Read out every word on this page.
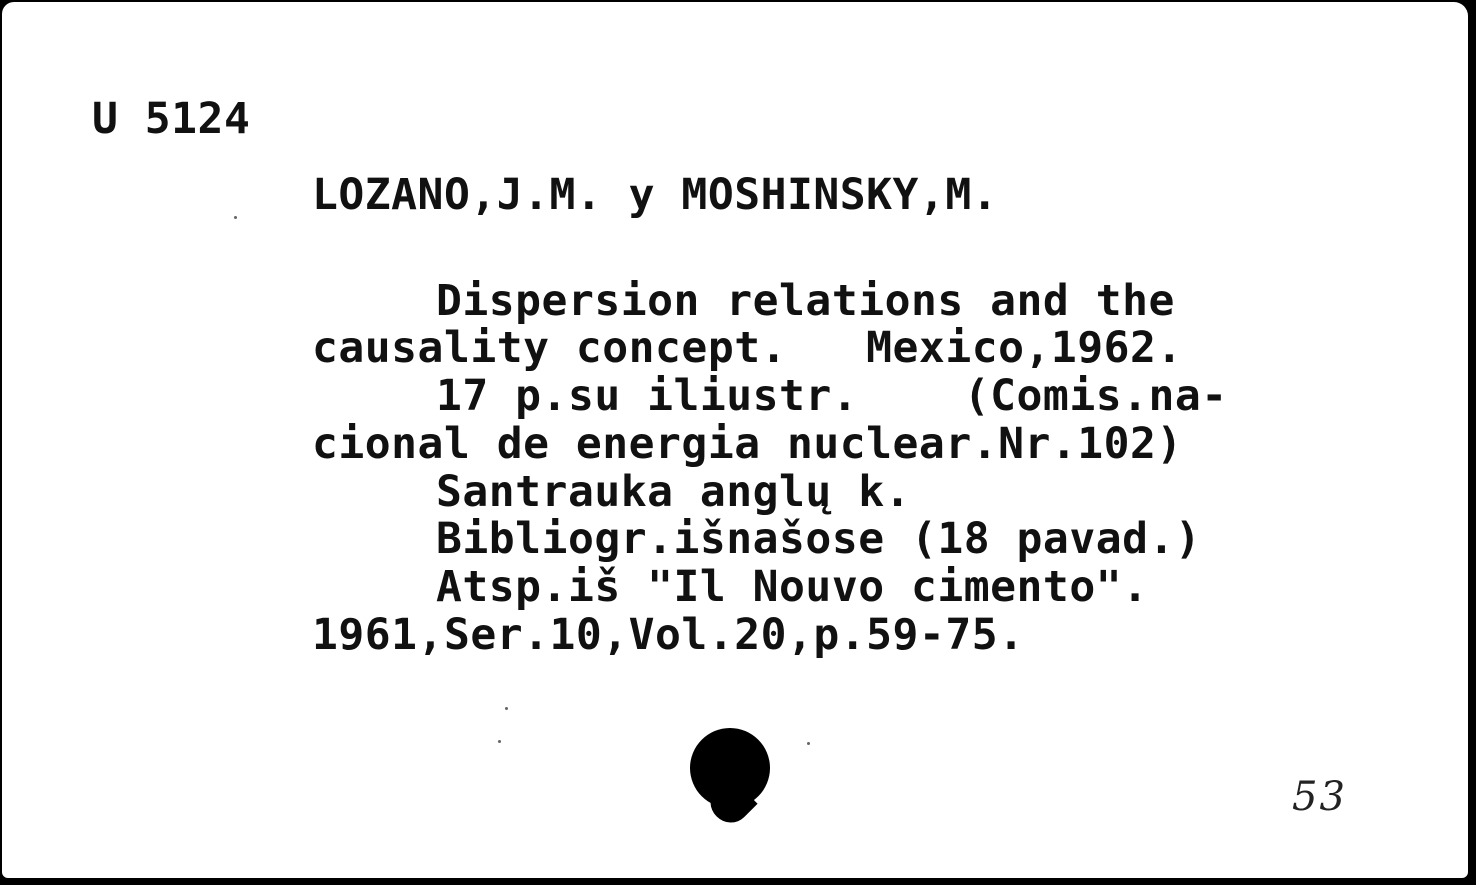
U 5124
LOZANO,J.M. y MOSHINSKY,M.
Dispersion relations and the
causality concept.   Mexico,1962.
17 p.su iliustr.    (Comis.na-
cional de energia nuclear.Nr.102)
Santrauka anglų k.
Bibliogr.išnašose (18 pavad.)
Atsp.iš "Il Nouvo cimento".
1961,Ser.10,Vol.20,p.59-75.
53
